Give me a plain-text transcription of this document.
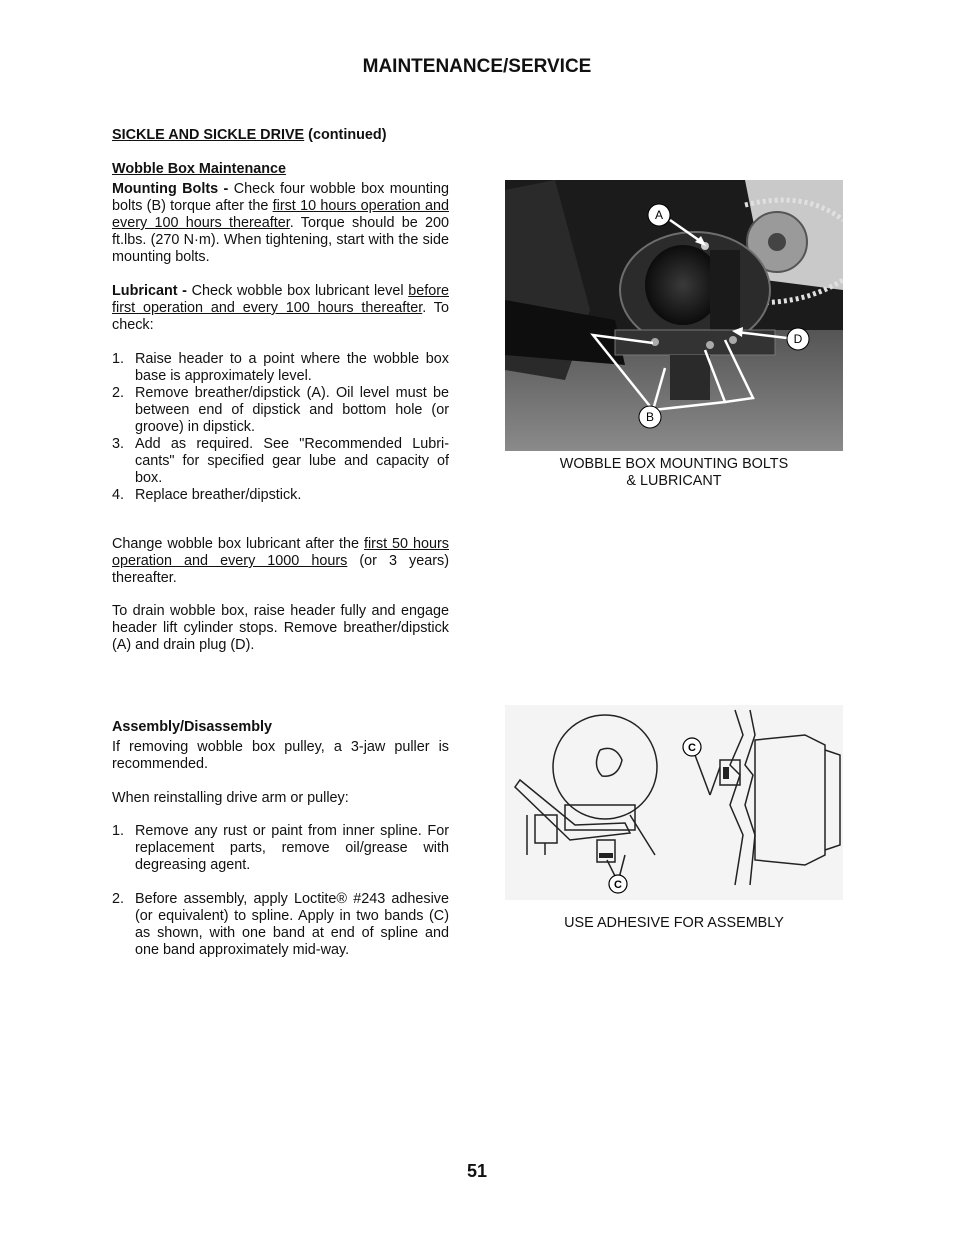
MAINTENANCE/SERVICE

SICKLE AND SICKLE DRIVE (continued)

Wobble Box Maintenance

Mounting Bolts - Check four wobble box mounting bolts (B) torque after the first 10 hours operation and every 100 hours thereafter. Torque should be 200 ft.lbs. (270 N·m). When tightening, start with the side mounting bolts.

Lubricant - Check wobble box lubricant level before first operation and every 100 hours thereafter. To check:

1. Raise header to a point where the wobble box base is approximately level.
2. Remove breather/dipstick (A). Oil level must be between end of dipstick and bottom hole (or groove) in dipstick.
3. Add as required. See "Recommended Lubri-cants" for specified gear lube and capacity of box.
4. Replace breather/dipstick.

Change wobble box lubricant after the first 50 hours operation and every 1000 hours (or 3 years) thereafter.

To drain wobble box, raise header fully and engage header lift cylinder stops. Remove breather/dipstick (A) and drain plug (D).

Assembly/Disassembly

If removing wobble box pulley, a 3-jaw puller is recommended.

When reinstalling drive arm or pulley:

1. Remove any rust or paint from inner spline. For replacement parts, remove oil/grease with degreasing agent.
2. Before assembly, apply Loctite® #243 adhesive (or equivalent) to spline. Apply in two bands (C) as shown, with one band at end of spline and one band approximately mid-way.
A
D
B

WOBBLE BOX MOUNTING BOLTS
& LUBRICANT

C
C

USE ADHESIVE FOR ASSEMBLY

51
